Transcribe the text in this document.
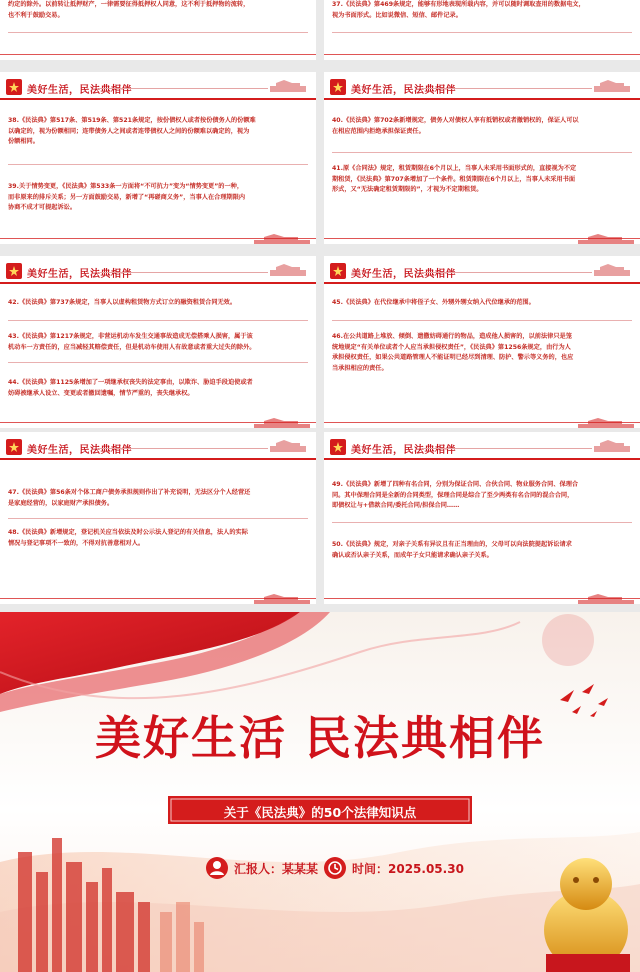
约定的除外。以前转让抵押财产，一律需要征得抵押权人同意，这不利于抵押物的流转，
也不利于鼓励交易。
37.《民法典》第469条规定，能够有形地表现所载内容，并可以随时调取查用的数据电文，
视为书面形式。比如说微信、短信、邮件记录。
美好生活，民法典相伴
38.《民法典》第517条、第519条、第521条规定，按份债权人或者按份债务人的份额难
以确定的，视为份额相同；连带债务人之间或者连带债权人之间的份额难以确定的，视为
份额相同。
39.关于情势变更，《民法典》第533条一方面将“不可抗力”变为“情势变更”的一种，
而非原来的排斥关系；另一方面鼓励交易，新增了“再磋商义务”，当事人在合理期限内
协商不成才可提起诉讼。
美好生活，民法典相伴
40.《民法典》第702条新增规定，债务人对债权人享有抵销权或者撤销权的，保证人可以
在相应范围内拒绝承担保证责任。
41.原《合同法》规定，租赁期限在6个月以上，当事人未采用书面形式的，直接视为不定
期租赁，《民法典》第707条增加了一个条件。租赁期限在6个月以上，当事人未采用书面
形式，又“无法确定租赁期限的”，才视为不定期租赁。
美好生活，民法典相伴
42.《民法典》第737条规定，当事人以虚构租赁物方式订立的融资租赁合同无效。
43.《民法典》第1217条规定，非营运机动车发生交通事故造成无偿搭乘人损害，属于该
机动车一方责任的，应当减轻其赔偿责任，但是机动车使用人有故意或者重大过失的除外。
44.《民法典》第1125条增加了一项继承权丧失的法定事由，以欺诈、胁迫手段迫使或者
妨碍被继承人设立、变更或者撤回遗嘱，情节严重的，丧失继承权。
美好生活，民法典相伴
45.《民法典》在代位继承中将侄子女、外甥外甥女纳入代位继承的范围。
46.在公共道路上堆放、倾倒、遗撒妨碍通行的物品，造成他人损害的，以前法律只是笼
统地规定“有关单位或者个人应当承担侵权责任”，《民法典》第1256条规定，由行为人
承担侵权责任，如果公共道路管理人不能证明已经尽到清理、防护、警示等义务的，也应
当承担相应的责任。
美好生活，民法典相伴
47.《民法典》第56条对个体工商户债务承担规则作出了补充说明，无法区分个人经营还
是家庭经营的，以家庭财产承担债务。
48.《民法典》新增规定，登记机关应当依法及时公示法人登记的有关信息，法人的实际
情况与登记事项不一致的，不得对抗善意相对人。
美好生活，民法典相伴
49.《民法典》新增了四种有名合同，分别为保证合同、合伙合同、物业服务合同、保理合
同。其中保理合同是全新的合同类型，保理合同是综合了至少两类有名合同的混合合同，
即债权让与+借款合同/委托合同/担保合同……
50.《民法典》规定，对亲子关系有异议且有正当理由的，父母可以向法院提起诉讼请求
确认或否认亲子关系，而成年子女只能请求确认亲子关系。
美好生活 民法典相伴
关于《民法典》的50个法律知识点
汇报人：某某某	时间：2025.05.30
